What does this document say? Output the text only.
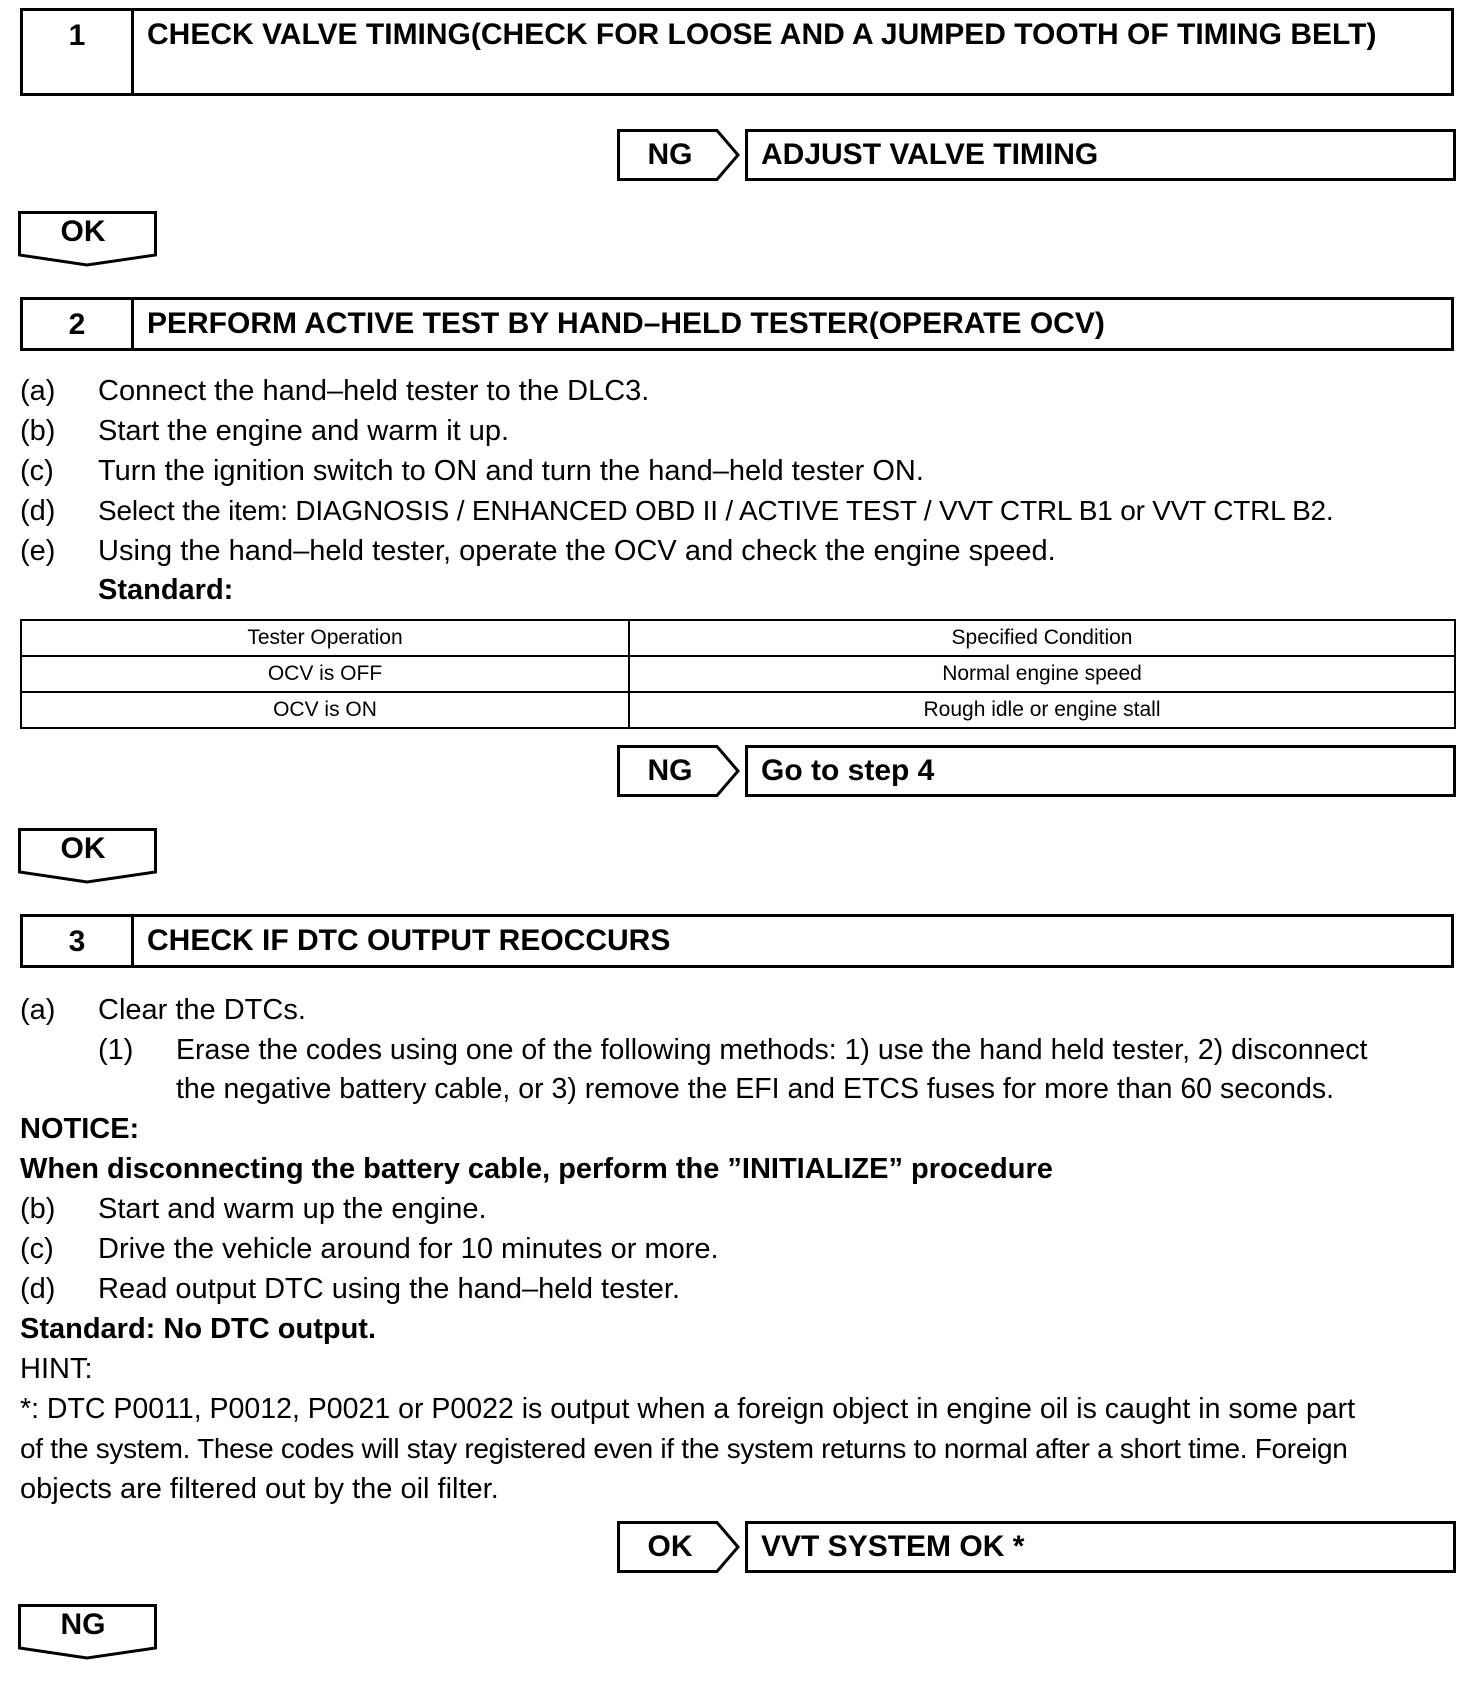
1	CHECK VALVE TIMING(CHECK FOR LOOSE AND A JUMPED TOOTH OF TIMING BELT)
NG	ADJUST VALVE TIMING
OK
2	PERFORM ACTIVE TEST BY HAND–HELD TESTER(OPERATE OCV)
(a) Connect the hand–held tester to the DLC3.
(b) Start the engine and warm it up.
(c) Turn the ignition switch to ON and turn the hand–held tester ON.
(d) Select the item: DIAGNOSIS / ENHANCED OBD II / ACTIVE TEST / VVT CTRL B1 or VVT CTRL B2.
(e) Using the hand–held tester, operate the OCV and check the engine speed.
Standard:
Tester Operation	Specified Condition
OCV is OFF	Normal engine speed
OCV is ON	Rough idle or engine stall
NG	Go to step 4
OK
3	CHECK IF DTC OUTPUT REOCCURS
(a) Clear the DTCs.
(1) Erase the codes using one of the following methods: 1) use the hand held tester, 2) disconnect
the negative battery cable, or 3) remove the EFI and ETCS fuses for more than 60 seconds.
NOTICE:
When disconnecting the battery cable, perform the ”INITIALIZE” procedure
(b) Start and warm up the engine.
(c) Drive the vehicle around for 10 minutes or more.
(d) Read output DTC using the hand–held tester.
Standard: No DTC output.
HINT:
*: DTC P0011, P0012, P0021 or P0022 is output when a foreign object in engine oil is caught in some part
of the system. These codes will stay registered even if the system returns to normal after a short time. Foreign
objects are filtered out by the oil filter.
OK	VVT SYSTEM OK *
NG
